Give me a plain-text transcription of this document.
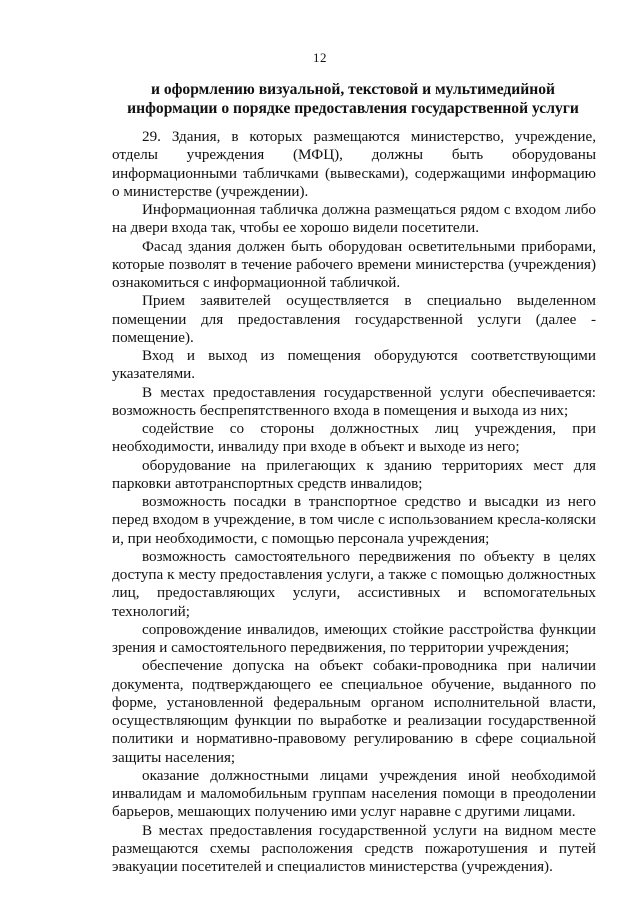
12
и оформлению визуальной, текстовой и мультимедийной информации о порядке предоставления государственной услуги

29. Здания, в которых размещаются министерство, учреждение, отделы учреждения (МФЦ), должны быть оборудованы информационными табличками (вывесками), содержащими информацию о министерстве (учреждении).

Информационная табличка должна размещаться рядом с входом либо на двери входа так, чтобы ее хорошо видели посетители.

Фасад здания должен быть оборудован осветительными приборами, которые позволят в течение рабочего времени министерства (учреждения) ознакомиться с информационной табличкой.

Прием заявителей осуществляется в специально выделенном помещении для предоставления государственной услуги (далее - помещение).

Вход и выход из помещения оборудуются соответствующими указателями.

В местах предоставления государственной услуги обеспечивается: возможность беспрепятственного входа в помещения и выхода из них;

содействие со стороны должностных лиц учреждения, при необходимости, инвалиду при входе в объект и выходе из него;

оборудование на прилегающих к зданию территориях мест для парковки автотранспортных средств инвалидов;

возможность посадки в транспортное средство и высадки из него перед входом в учреждение, в том числе с использованием кресла-коляски и, при необходимости, с помощью персонала учреждения;

возможность самостоятельного передвижения по объекту в целях доступа к месту предоставления услуги, а также с помощью должностных лиц, предоставляющих услуги, ассистивных и вспомогательных технологий;

сопровождение инвалидов, имеющих стойкие расстройства функции зрения и самостоятельного передвижения, по территории учреждения;

обеспечение допуска на объект собаки-проводника при наличии документа, подтверждающего ее специальное обучение, выданного по форме, установленной федеральным органом исполнительной власти, осуществляющим функции по выработке и реализации государственной политики и нормативно-правовому регулированию в сфере социальной защиты населения;

оказание должностными лицами учреждения иной необходимой инвалидам и маломобильным группам населения помощи в преодолении барьеров, мешающих получению ими услуг наравне с другими лицами.

В местах предоставления государственной услуги на видном месте размещаются схемы расположения средств пожаротушения и путей эвакуации посетителей и специалистов министерства (учреждения).
